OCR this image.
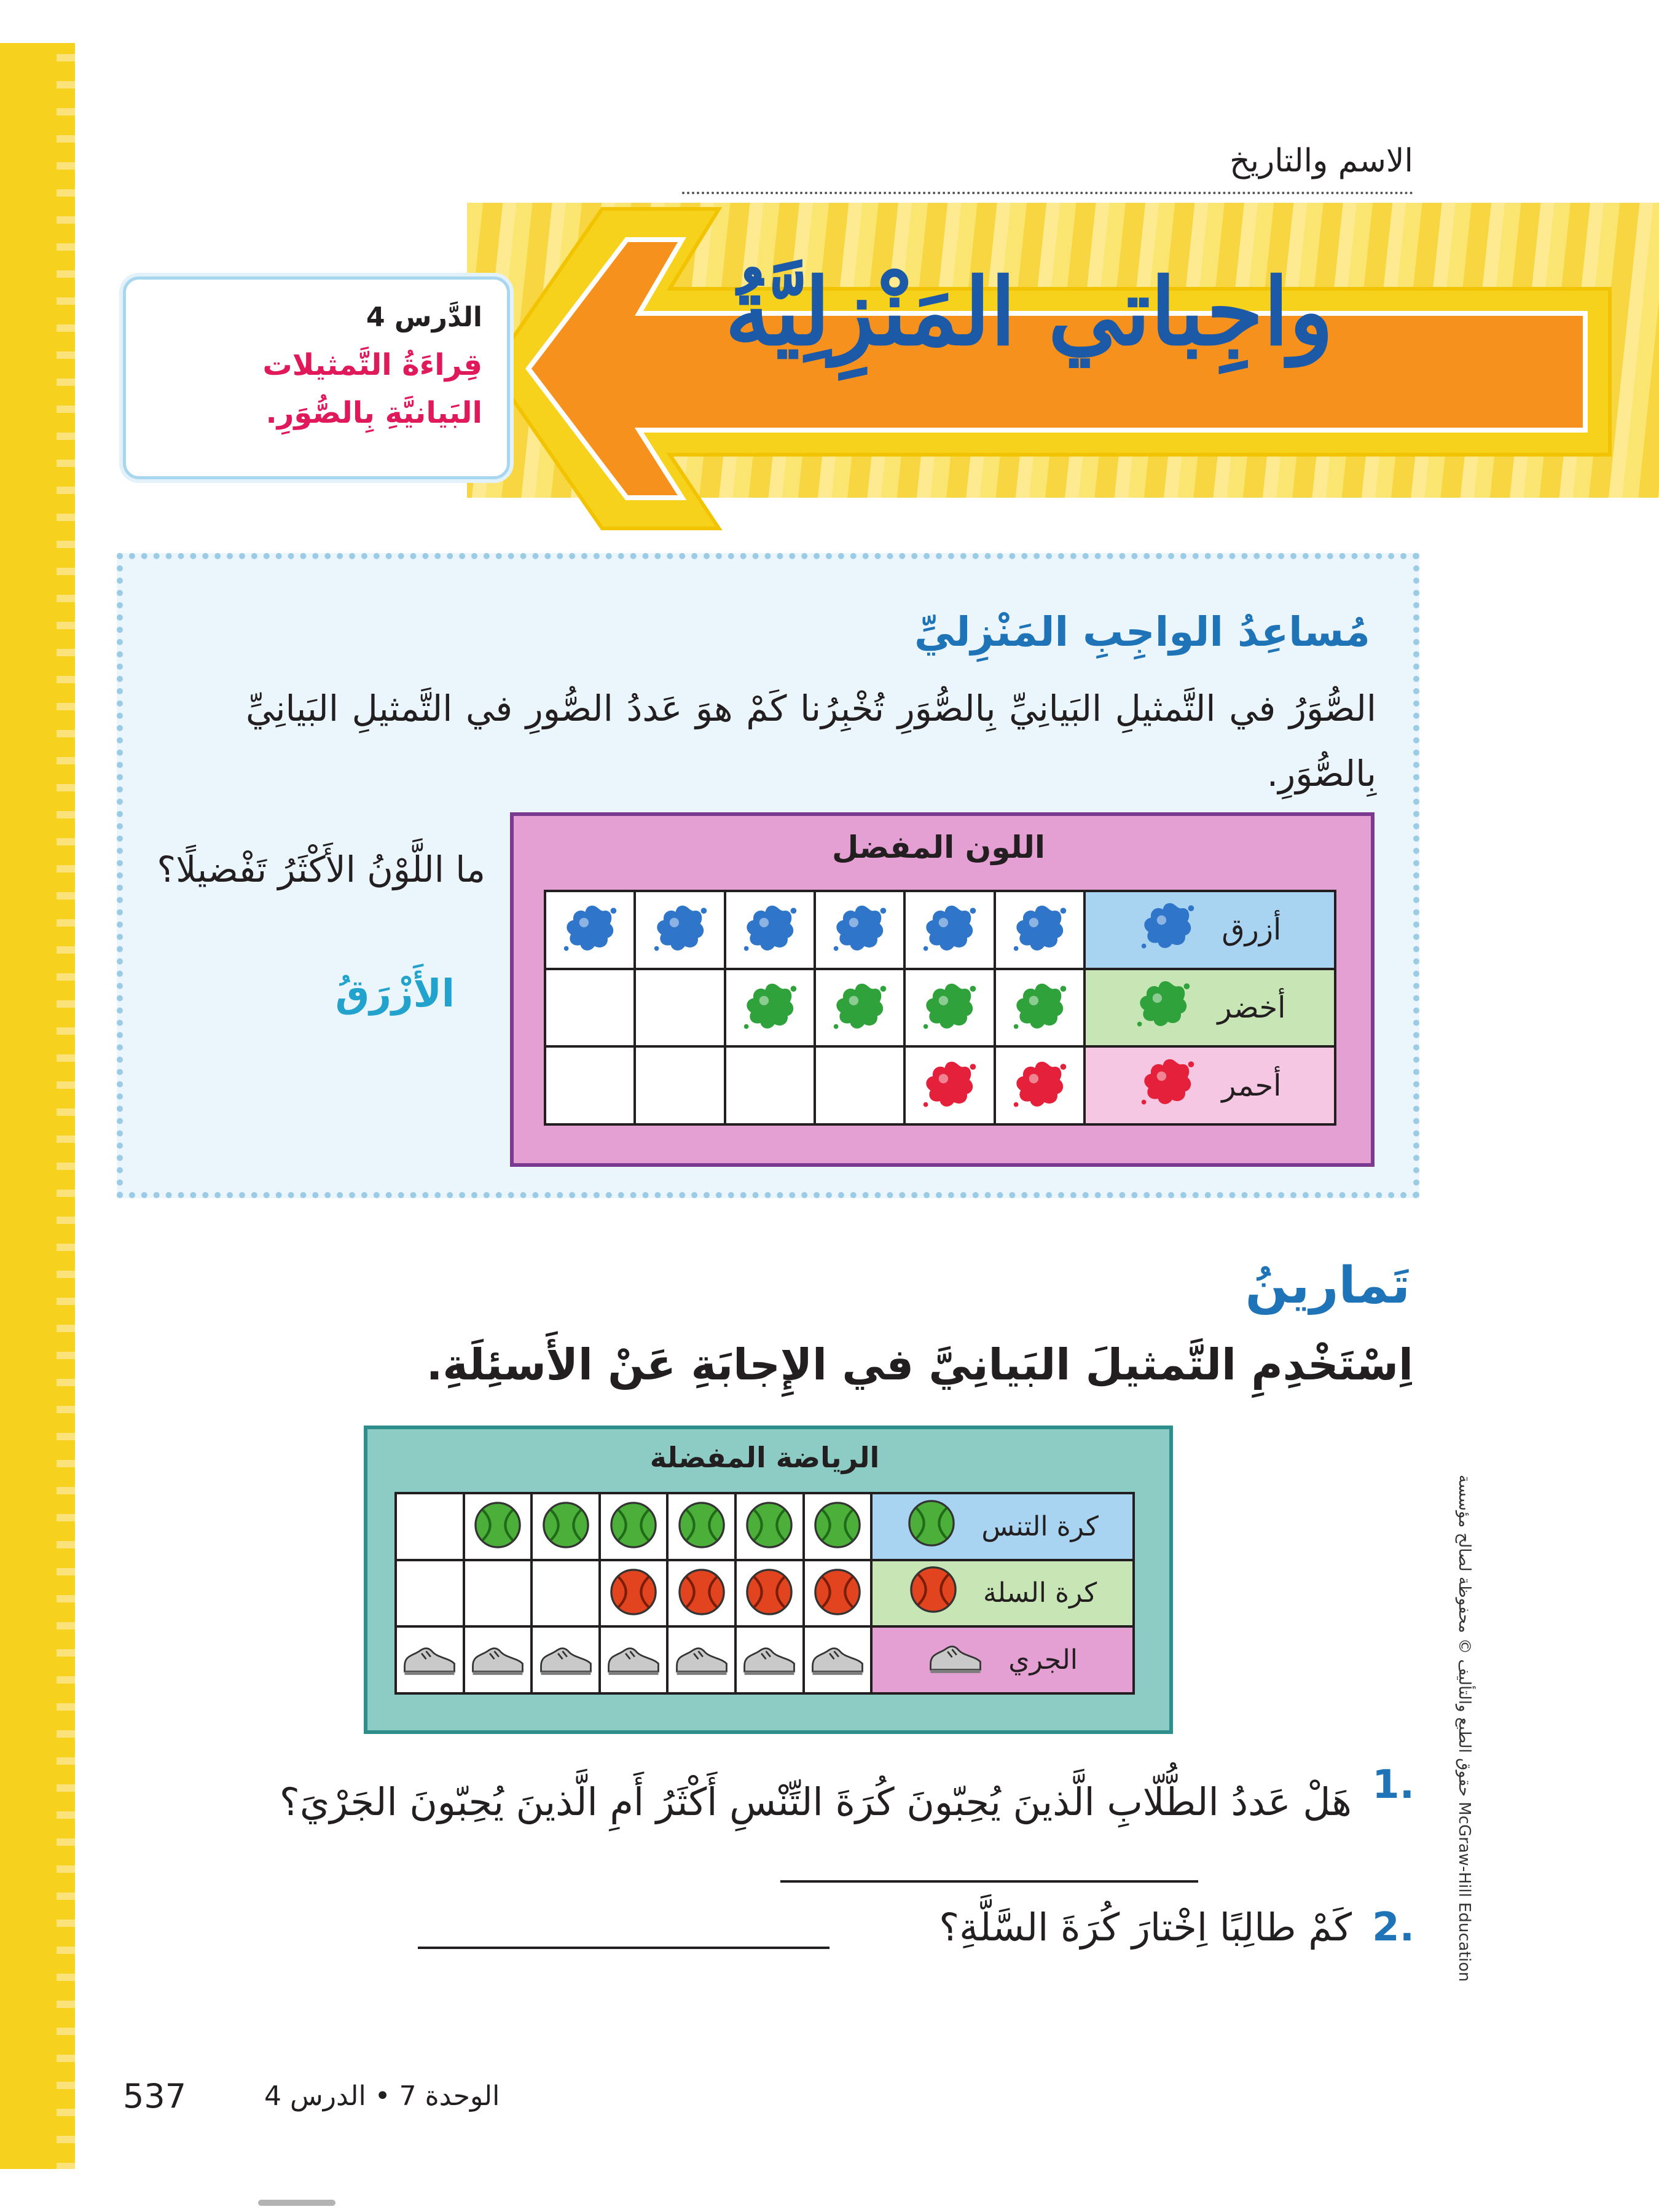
الاسم والتاريخ
واجِباتي المَنْزِلِيَّةُ
الدَّرس 4
قِراءَةُ التَّمثيلات
البَيانيَّةِ بِالصُّوَرِ.
مُساعِدُ الواجِبِ المَنْزِليِّ
الصُّوَرُ في التَّمثيلِ البَيانِيِّ بِالصُّوَرِ تُخْبِرُنا كَمْ هوَ عَددُ الصُّورِ في التَّمثيلِ البَيانِيِّ بِالصُّوَرِ.
ما اللَّوْنُ الأَكْثَرُ تَفْضيلًا؟
الأَزْرَقُ
اللون المفضل
أزرق

أخضر

أحمر

تَمارينُ
اِسْتَخْدِمِ التَّمثيلَ البَيانِيَّ في الإِجابَةِ عَنْ الأَسئِلَةِ.
الرياضة المفضلة
كرة التنس

كرة السلة

الجري

1.
هَلْ عَددُ الطُّلّابِ الَّذينَ يُحِبّونَ كُرَةَ التِّنْسِ أَكْثَرُ أَمِ الَّذينَ يُحِبّونَ الجَرْيَ؟
2.
كَمْ طالِبًا اِخْتارَ كُرَةَ السَّلَّةِ؟
الوحدة 7 • الدرس 4
537
حقوق الطبع والتأليف © محفوظة لصالح مؤسسة McGraw-Hill Education
